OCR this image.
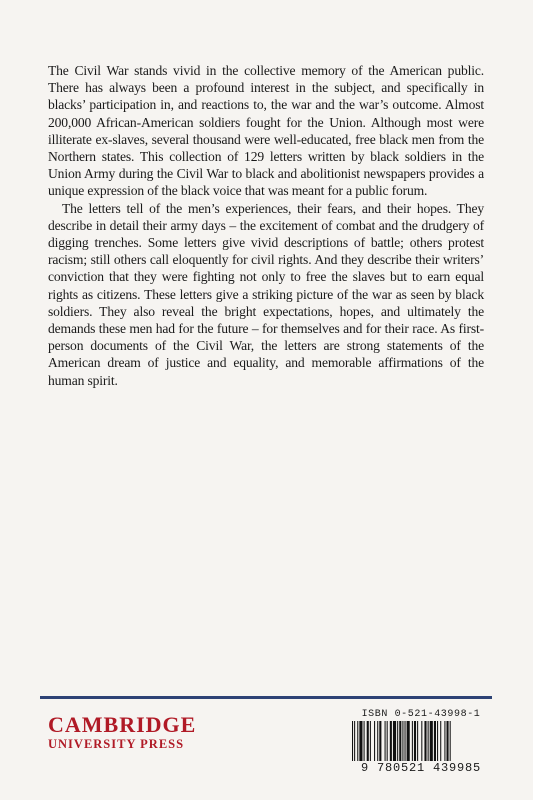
The Civil War stands vivid in the collective memory of the American public. There has always been a profound interest in the subject, and specifically in blacks’ participation in, and reactions to, the war and the war’s outcome. Almost 200,000 African-American soldiers fought for the Union. Although most were illiterate ex-slaves, several thousand were well-educated, free black men from the Northern states. This collection of 129 letters written by black soldiers in the Union Army during the Civil War to black and abolitionist newspapers provides a unique expression of the black voice that was meant for a public forum.

The letters tell of the men’s experiences, their fears, and their hopes. They describe in detail their army days – the excitement of combat and the drudgery of digging trenches. Some letters give vivid descriptions of battle; others protest racism; still others call eloquently for civil rights. And they describe their writers’ conviction that they were fighting not only to free the slaves but to earn equal rights as citizens. These letters give a striking picture of the war as seen by black soldiers. They also reveal the bright expectations, hopes, and ultimately the demands these men had for the future – for themselves and for their race. As first-person documents of the Civil War, the letters are strong statements of the American dream of justice and equality, and memorable affirmations of the human spirit.

CAMBRIDGE
UNIVERSITY PRESS
ISBN 0-521-43998-1
9 780521 439985
